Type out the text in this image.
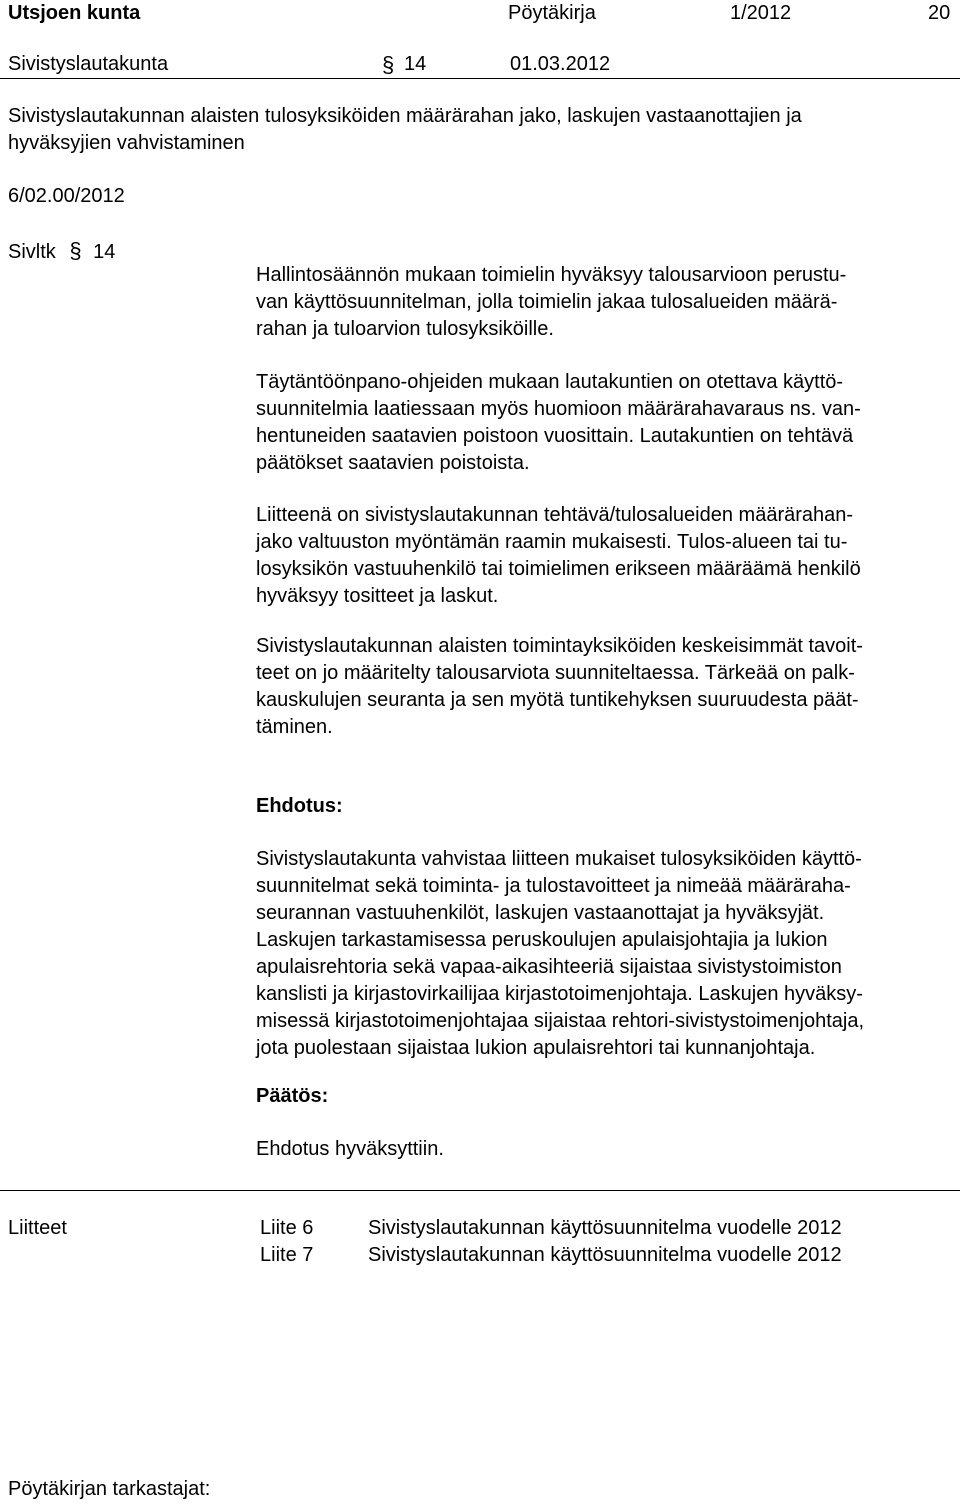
Utsjoen kunta	Pöytäkirja	1/2012	20
Sivistyslautakunta	§ 14	01.03.2012
Sivistyslautakunnan alaisten tulosyksiköiden määrärahan jako, laskujen vastaanottajien ja
hyväksyjien vahvistaminen
6/02.00/2012
Sivltk § 14
Hallintosäännön mukaan toimielin hyväksyy talousarvioon perustu-
van käyttösuunnitelman, jolla toimielin jakaa tulosalueiden määrä-
rahan ja tuloarvion tulosyksiköille.
Täytäntöönpano-ohjeiden mukaan lautakuntien on otettava käyttö-
suunnitelmia laatiessaan myös huomioon määrärahavaraus ns. van-
hentuneiden saatavien poistoon vuosittain. Lautakuntien on tehtävä
päätökset saatavien poistoista.
Liitteenä on sivistyslautakunnan tehtävä/tulosalueiden määrärahan-
jako valtuuston myöntämän raamin mukaisesti. Tulos-alueen tai tu-
losyksikön vastuuhenkilö tai toimielimen erikseen määräämä henkilö
hyväksyy tositteet ja laskut.
Sivistyslautakunnan alaisten toimintayksiköiden keskeisimmät tavoit-
teet on jo määritelty talousarviota suunniteltaessa. Tärkeää on palk-
kauskulujen seuranta ja sen myötä tuntikehyksen suuruudesta päät-
täminen.
Ehdotus:
Sivistyslautakunta vahvistaa liitteen mukaiset tulosyksiköiden käyttö-
suunnitelmat sekä toiminta- ja tulostavoitteet ja nimeää määräraha-
seurannan vastuuhenkilöt, laskujen vastaanottajat ja hyväksyjät.
Laskujen tarkastamisessa peruskoulujen apulaisjohtajia ja lukion
apulaisrehtoria sekä vapaa-aikasihteeriä sijaistaa sivistystoimiston
kanslisti ja kirjastovirkailijaa kirjastotoimenjohtaja. Laskujen hyväksy-
misessä kirjastotoimenjohtajaa sijaistaa rehtori-sivistystoimenjohtaja,
jota puolestaan sijaistaa lukion apulaisrehtori tai kunnanjohtaja.
Päätös:
Ehdotus hyväksyttiin.
Liitteet	Liite 6	Sivistyslautakunnan käyttösuunnitelma vuodelle 2012
Liite 7	Sivistyslautakunnan käyttösuunnitelma vuodelle 2012
Pöytäkirjan tarkastajat:
